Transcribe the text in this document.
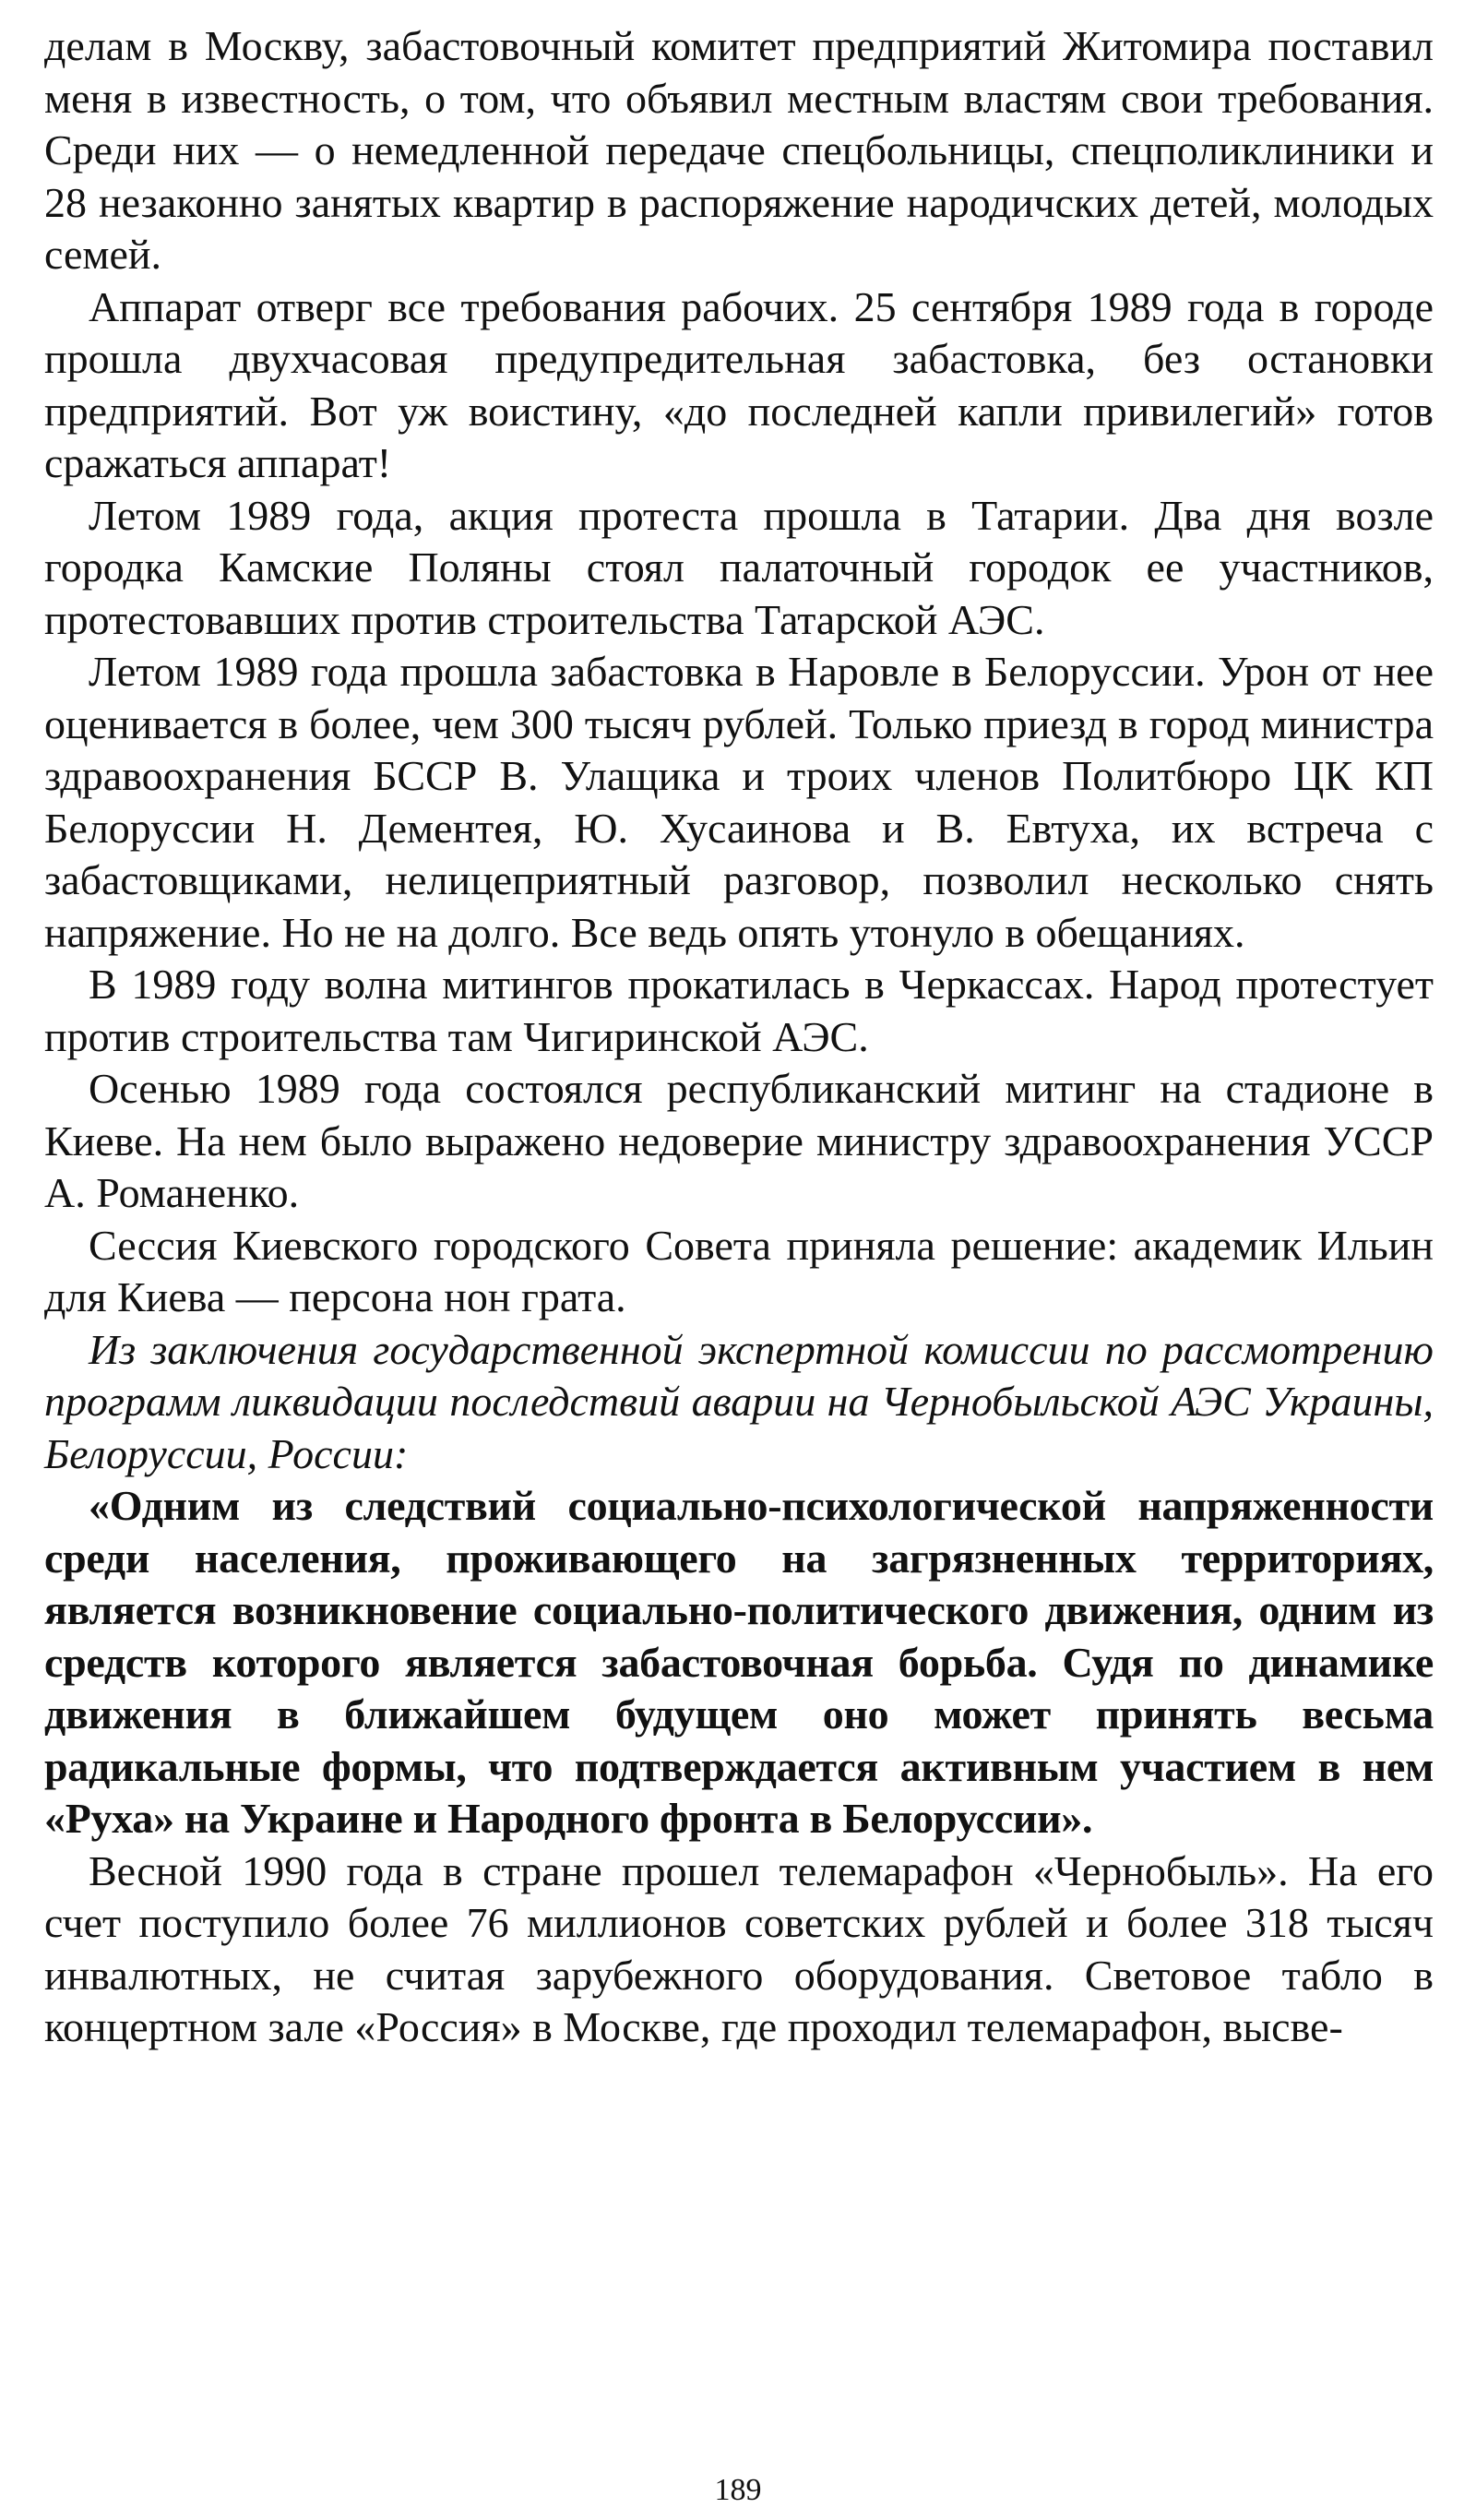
делам в Москву, забастовочный комитет предприятий Житомира поставил меня в известность, о том, что объявил местным властям свои требования. Среди них — о немедленной передаче спецбольницы, спецполиклиники и 28 незаконно занятых квартир в распоряжение народичских детей, молодых семей.

Аппарат отверг все требования рабочих. 25 сентября 1989 года в городе прошла двухчасовая предупредительная забастовка, без остановки предприятий. Вот уж воистину, «до последней капли привилегий» готов сражаться аппарат!

Летом 1989 года, акция протеста прошла в Татарии. Два дня возле городка Камские Поляны стоял палаточный городок ее участников, протестовавших против строительства Татарской АЭС.

Летом 1989 года прошла забастовка в Наровле в Белоруссии. Урон от нее оценивается в более, чем 300 тысяч рублей. Только приезд в город министра здравоохранения БССР В. Улащика и троих членов Политбюро ЦК КП Белоруссии Н. Дементея, Ю. Хусаинова и В. Евтуха, их встреча с забастовщиками, нелицеприятный разговор, позволил несколько снять напряжение. Но не на долго. Все ведь опять утонуло в обещаниях.

В 1989 году волна митингов прокатилась в Черкассах. Народ протестует против строительства там Чигиринской АЭС.

Осенью 1989 года состоялся республиканский митинг на стадионе в Киеве. На нем было выражено недоверие министру здравоохранения УССР А. Романенко.

Сессия Киевского городского Совета приняла решение: академик Ильин для Киева — персона нон грата.

Из заключения государственной экспертной комиссии по рассмотрению программ ликвидации последствий аварии на Чернобыльской АЭС Украины, Белоруссии, России:

«Одним из следствий социально-психологической напряженности среди населения, проживающего на загрязненных территориях, является возникновение социально-политического движения, одним из средств которого является забастовочная борьба. Судя по динамике движения в ближайшем будущем оно может принять весьма радикальные формы, что подтверждается активным участием в нем «Руха» на Украине и Народного фронта в Белоруссии».

Весной 1990 года в стране прошел телемарафон «Чернобыль». На его счет поступило более 76 миллионов советских рублей и более 318 тысяч инвалютных, не считая зарубежного оборудования. Световое табло в концертном зале «Россия» в Москве, где проходил телемарафон, высве-

189
